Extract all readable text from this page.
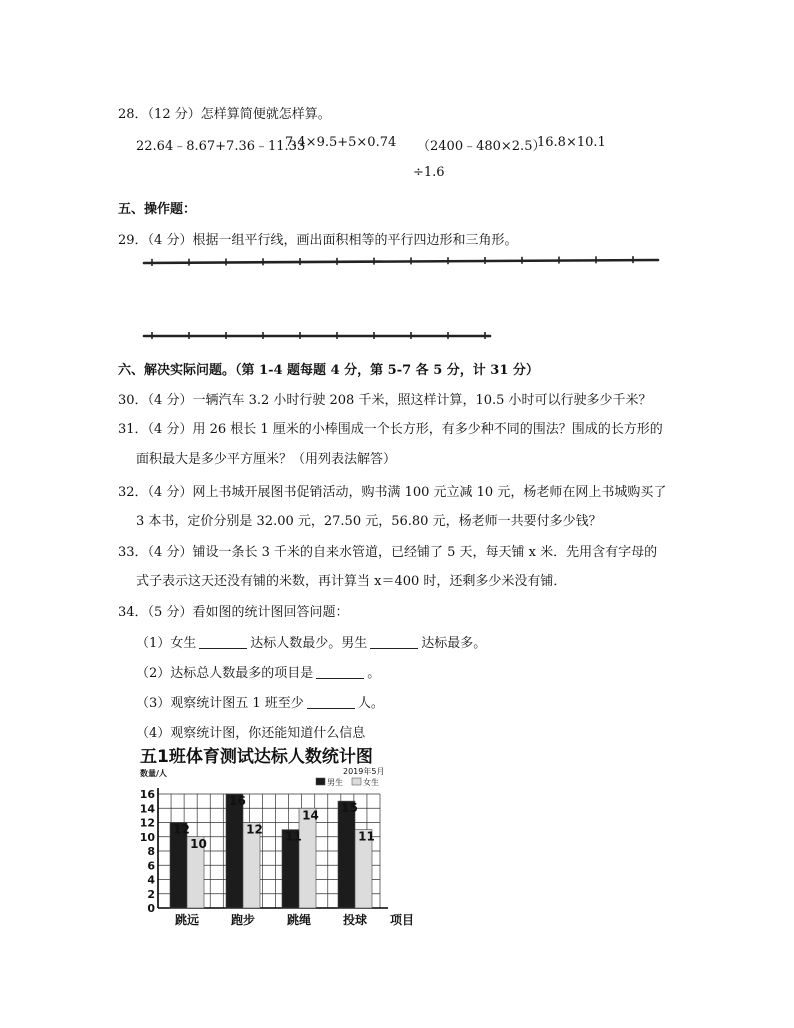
28．（12 分）怎样算简便就怎样算。
22.64﹣8.67+7.36﹣11.33
7.4×9.5+5×0.74 （2400﹣480×2.5）
16.8×10.1
÷1.6
五、操作题：
29．（4 分）根据一组平行线，画出面积相等的平行四边形和三角形。
六、解决实际问题。（第 1-4 题每题 4 分，第 5-7 各 5 分，计 31 分）
30．（4 分）一辆汽车 3.2 小时行驶 208 千米，照这样计算，10.5 小时可以行驶多少千米？
31．（4 分）用 26 根长 1 厘米的小棒围成一个长方形，有多少种不同的围法？围成的长方形的
面积最大是多少平方厘米？（用列表法解答）
32．（4 分）网上书城开展图书促销活动，购书满 100 元立减 10 元，杨老师在网上书城购买了
3 本书，定价分别是 32.00 元，27.50 元，56.80 元，杨老师一共要付多少钱？
33．（4 分）铺设一条长 3 千米的自来水管道，已经铺了 5 天，每天铺 x 米．先用含有字母的
式子表示这天还没有铺的米数，再计算当 x＝400 时，还剩多少米没有铺．
34．（5 分）看如图的统计图回答问题：
（1）女生	达标人数最少。男生	达标最多。
（2）达标总人数最多的项目是	。
（3）观察统计图五 1 班至少	人。
（4）观察统计图，你还能知道什么信息
五1班体育测试达标人数统计图
数量/人	2019年5月
0
2
4
6
8
10
12
14
16
12
10
跳远
16
12
跑步
11
14
跳绳
15
11
投球 项目
男生	女生
